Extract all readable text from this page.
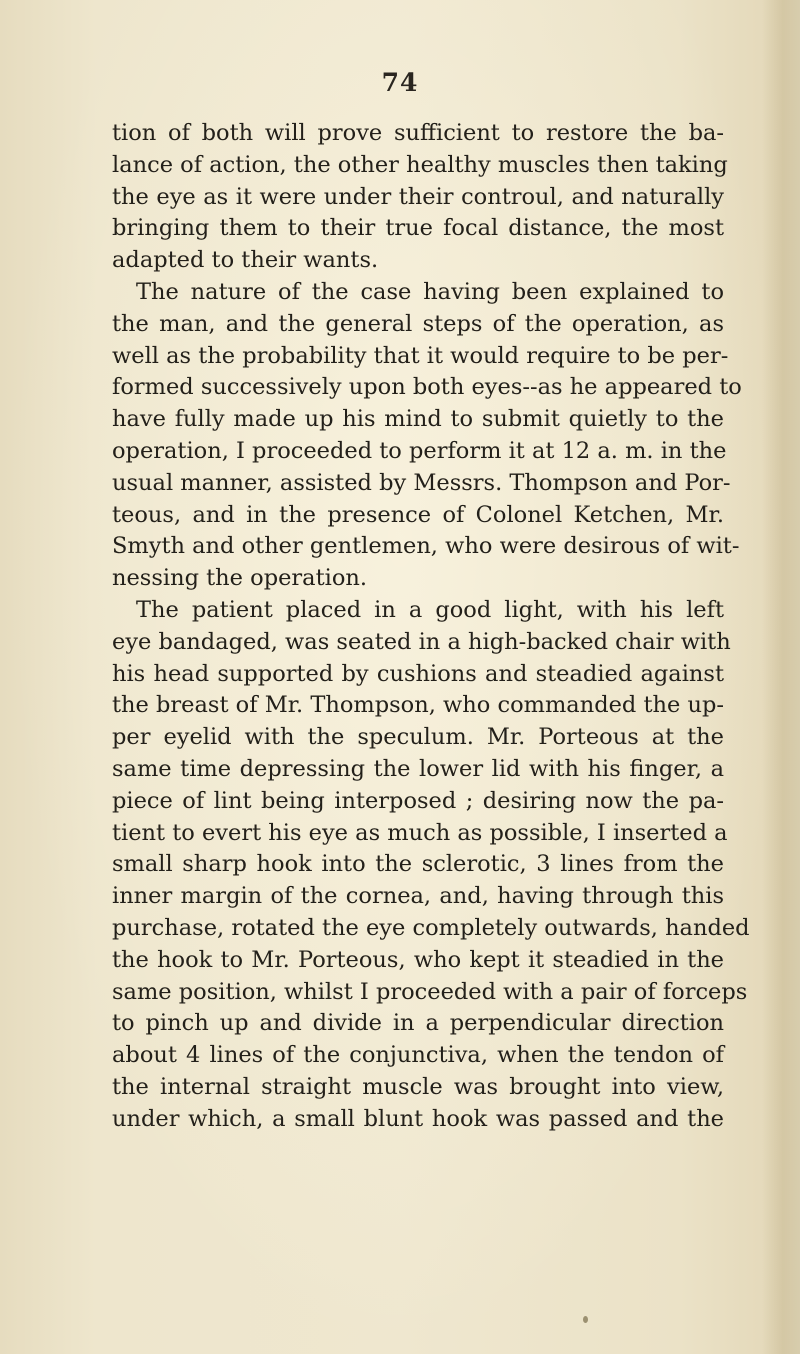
74
tion of both will prove sufficient to restore the ba-
lance of action, the other healthy muscles then taking
the eye as it were under their controul, and naturally
bringing them to their true focal distance, the most
adapted to their wants.
The nature of the case having been explained to
the man, and the general steps of the operation, as
well as the probability that it would require to be per-
formed successively upon both eyes--as he appeared to
have fully made up his mind to submit quietly to the
operation, I proceeded to perform it at 12 a. m. in the
usual manner, assisted by Messrs. Thompson and Por-
teous, and in the presence of Colonel Ketchen, Mr.
Smyth and other gentlemen, who were desirous of wit-
nessing the operation.
The patient placed in a good light, with his left
eye bandaged, was seated in a high-backed chair with
his head supported by cushions and steadied against
the breast of Mr. Thompson, who commanded the up-
per eyelid with the speculum. Mr. Porteous at the
same time depressing the lower lid with his finger, a
piece of lint being interposed ; desiring now the pa-
tient to evert his eye as much as possible, I inserted a
small sharp hook into the sclerotic, 3 lines from the
inner margin of the cornea, and, having through this
purchase, rotated the eye completely outwards, handed
the hook to Mr. Porteous, who kept it steadied in the
same position, whilst I proceeded with a pair of forceps
to pinch up and divide in a perpendicular direction
about 4 lines of the conjunctiva, when the tendon of
the internal straight muscle was brought into view,
under which, a small blunt hook was passed and the
